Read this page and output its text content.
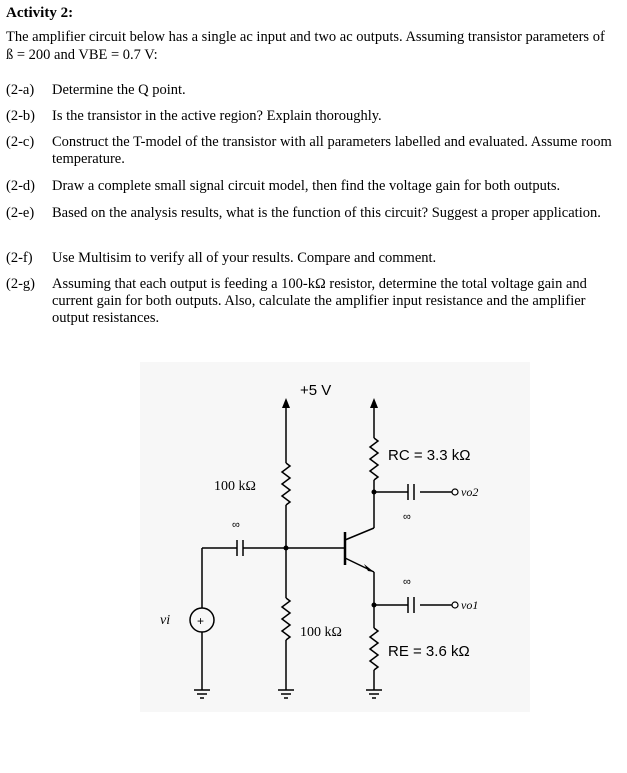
Activity 2:
The amplifier circuit below has a single ac input and two ac outputs. Assuming transistor parameters of ß = 200 and VBE = 0.7 V:
(2-a) Determine the Q point.
(2-b) Is the transistor in the active region? Explain thoroughly.
(2-c) Construct the T-model of the transistor with all parameters labelled and evaluated. Assume room temperature.
(2-d) Draw a complete small signal circuit model, then find the voltage gain for both outputs.
(2-e) Based on the analysis results, what is the function of this circuit? Suggest a proper application.
(2-f) Use Multisim to verify all of your results. Compare and comment.
(2-g) Assuming that each output is feeding a 100-kΩ resistor, determine the total voltage gain and current gain for both outputs. Also, calculate the amplifier input resistance and the amplifier output resistances.
+5 V
100 kΩ
100 kΩ
RC = 3.3 kΩ
RE = 3.6 kΩ
∞
∞
∞
vi +
vo2
vo1
